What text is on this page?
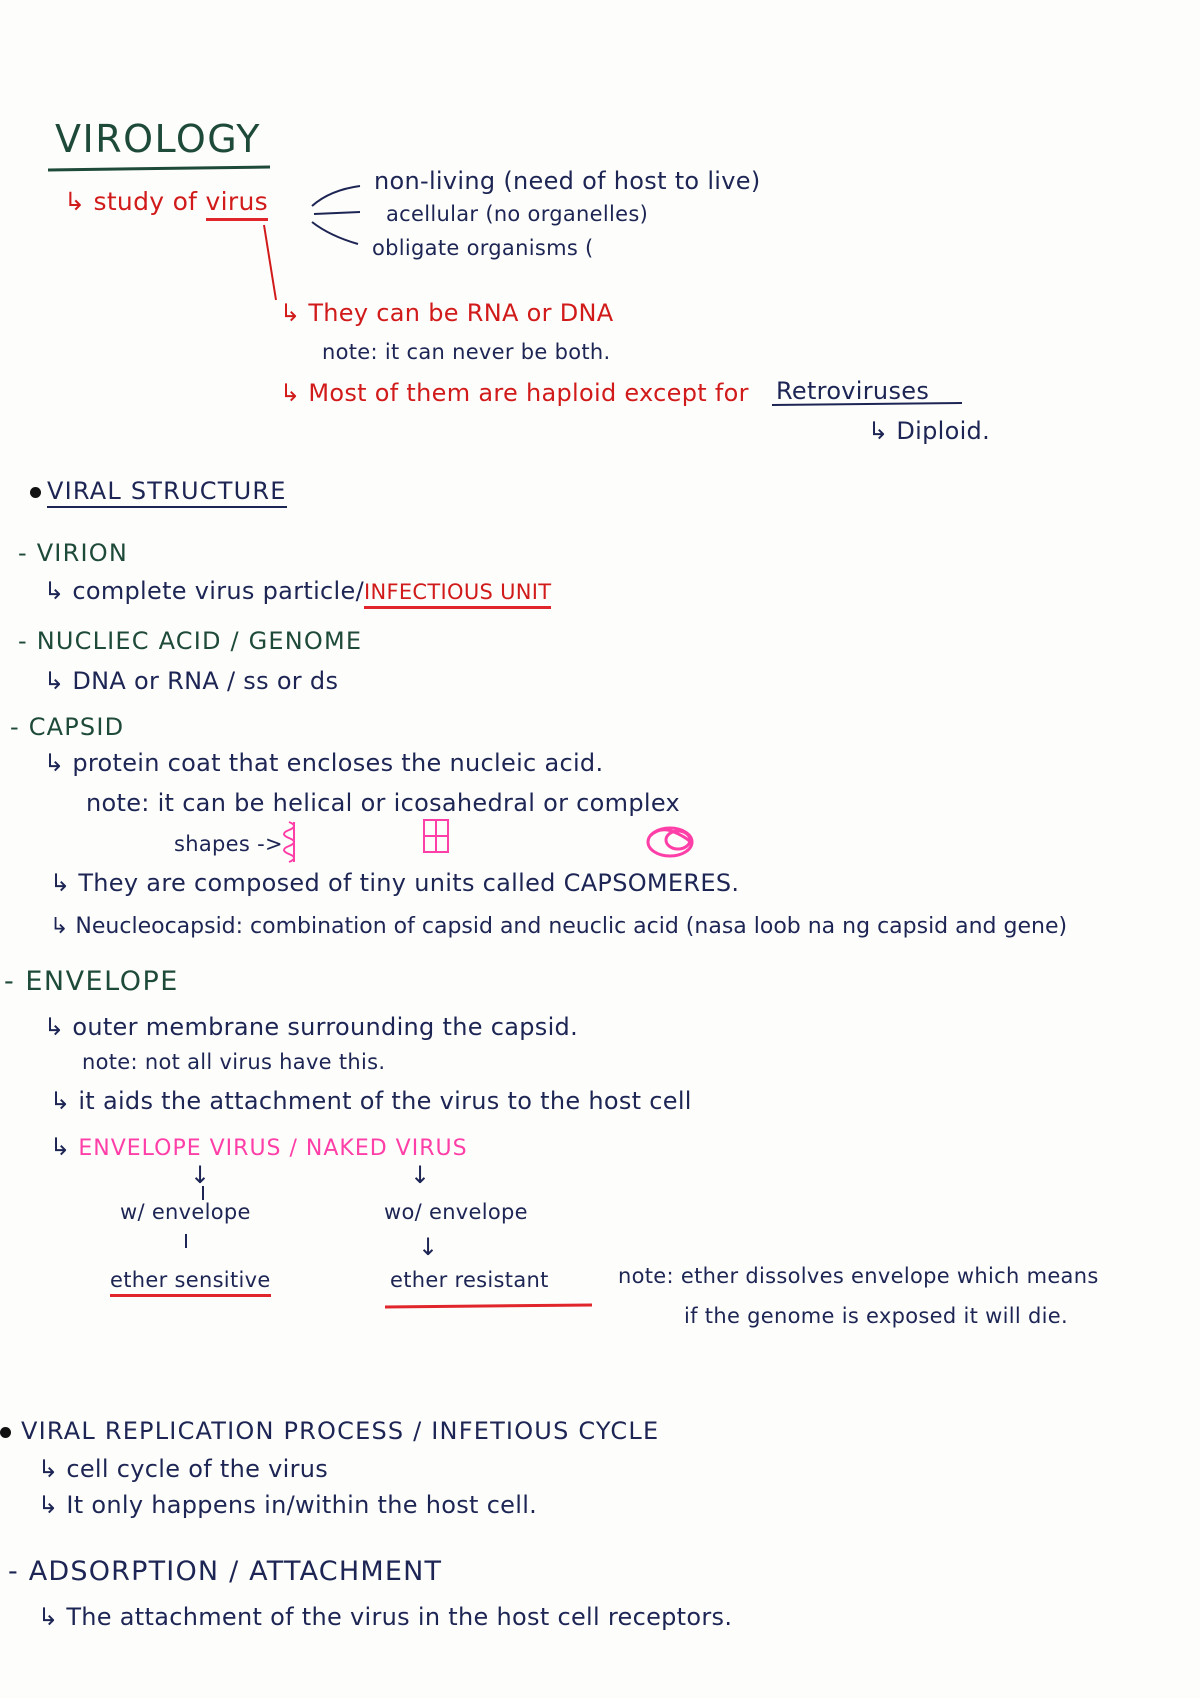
VIROLOGY
↳ study of virus
non-living (need of host to live)
acellular (no organelles)
obligate organisms (
↳ They can be RNA or DNA
note: it can never be both.
↳ Most of them are haploid except for Retroviruses
↳ Diploid.
VIRAL STRUCTURE
- VIRION
↳ complete virus particle/INFECTIOUS UNIT
- NUCLIEC ACID / GENOME
↳ DNA or RNA / ss or ds
- CAPSID
↳ protein coat that encloses the nucleic acid.
note: it can be helical or icosahedral or complex
shapes ->
↳ They are composed of tiny units called CAPSOMERES.
↳ Neucleocapsid: combination of capsid and neuclic acid (nasa loob na ng capsid and gene)
- ENVELOPE
↳ outer membrane surrounding the capsid.
note: not all virus have this.
↳ it aids the attachment of the virus to the host cell
↳ ENVELOPE VIRUS / NAKED VIRUS
↓	↓
w/ envelope	wo/ envelope
↓
ether sensitive	ether resistant	note: ether dissolves envelope which means
if the genome is exposed it will die.
VIRAL REPLICATION PROCESS / INFETIOUS CYCLE
↳ cell cycle of the virus
↳ It only happens in/within the host cell.
- ADSORPTION / ATTACHMENT
↳ The attachment of the virus in the host cell receptors.
